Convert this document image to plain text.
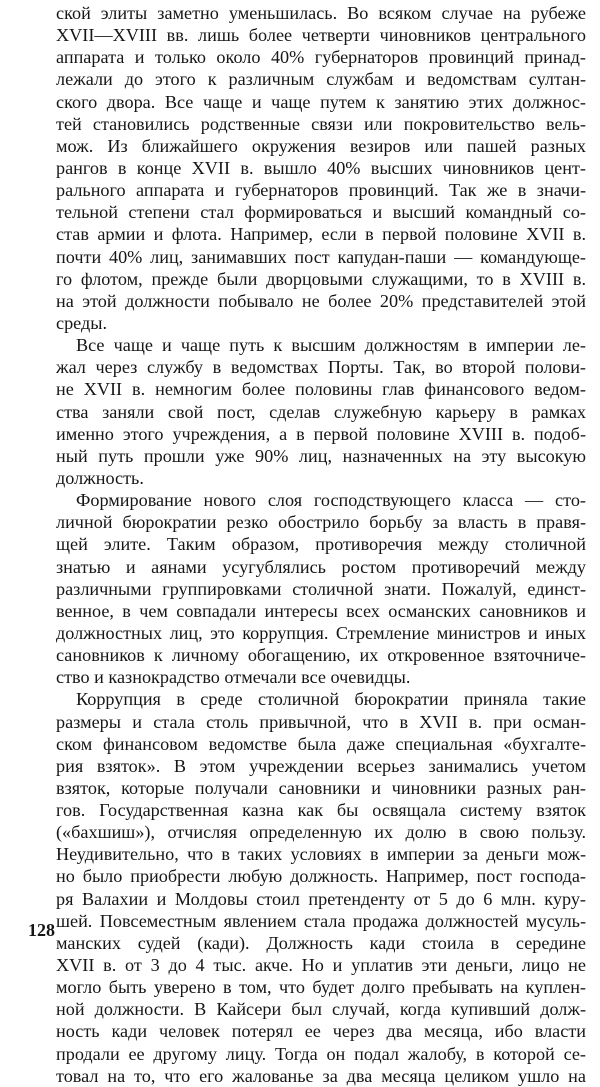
ской элиты заметно уменьшилась. Во всяком случае на рубеже
XVII—XVIII вв. лишь более четверти чиновников центрального
аппарата и только около 40% губернаторов провинций принад-
лежали до этого к различным службам и ведомствам султан-
ского двора. Все чаще и чаще путем к занятию этих должнос-
тей становились родственные связи или покровительство вель-
мож. Из ближайшего окружения везиров или пашей разных
рангов в конце XVII в. вышло 40% высших чиновников цент-
рального аппарата и губернаторов провинций. Так же в значи-
тельной степени стал формироваться и высший командный со-
став армии и флота. Например, если в первой половине XVII в.
почти 40% лиц, занимавших пост капудан-паши — командующе-
го флотом, прежде были дворцовыми служащими, то в XVIII в.
на этой должности побывало не более 20% представителей этой
среды.
Все чаще и чаще путь к высшим должностям в империи ле-
жал через службу в ведомствах Порты. Так, во второй полови-
не XVII в. немногим более половины глав финансового ведом-
ства заняли свой пост, сделав служебную карьеру в рамках
именно этого учреждения, а в первой половине XVIII в. подоб-
ный путь прошли уже 90% лиц, назначенных на эту высокую
должность.
Формирование нового слоя господствующего класса — сто-
личной бюрократии резко обострило борьбу за власть в правя-
щей элите. Таким образом, противоречия между столичной
знатью и аянами усугублялись ростом противоречий между
различными группировками столичной знати. Пожалуй, единст-
венное, в чем совпадали интересы всех османских сановников и
должностных лиц, это коррупция. Стремление министров и иных
сановников к личному обогащению, их откровенное взяточниче-
ство и казнокрадство отмечали все очевидцы.
Коррупция в среде столичной бюрократии приняла такие
размеры и стала столь привычной, что в XVII в. при осман-
ском финансовом ведомстве была даже специальная «бухгалте-
рия взяток». В этом учреждении всерьез занимались учетом
взяток, которые получали сановники и чиновники разных ран-
гов. Государственная казна как бы освящала систему взяток
(«бахшиш»), отчисляя определенную их долю в свою пользу.
Неудивительно, что в таких условиях в империи за деньги мож-
но было приобрести любую должность. Например, пост господа-
ря Валахии и Молдовы стоил претенденту от 5 до 6 млн. куру-
шей. Повсеместным явлением стала продажа должностей мусуль-
манских судей (кади). Должность кади стоила в середине
XVII в. от 3 до 4 тыс. акче. Но и уплатив эти деньги, лицо не
могло быть уверено в том, что будет долго пребывать на куплен-
ной должности. В Кайсери был случай, когда купивший долж-
ность кади человек потерял ее через два месяца, ибо власти
продали ее другому лицу. Тогда он подал жалобу, в которой се-
товал на то, что его жалованье за два месяца целиком ушло на
128
